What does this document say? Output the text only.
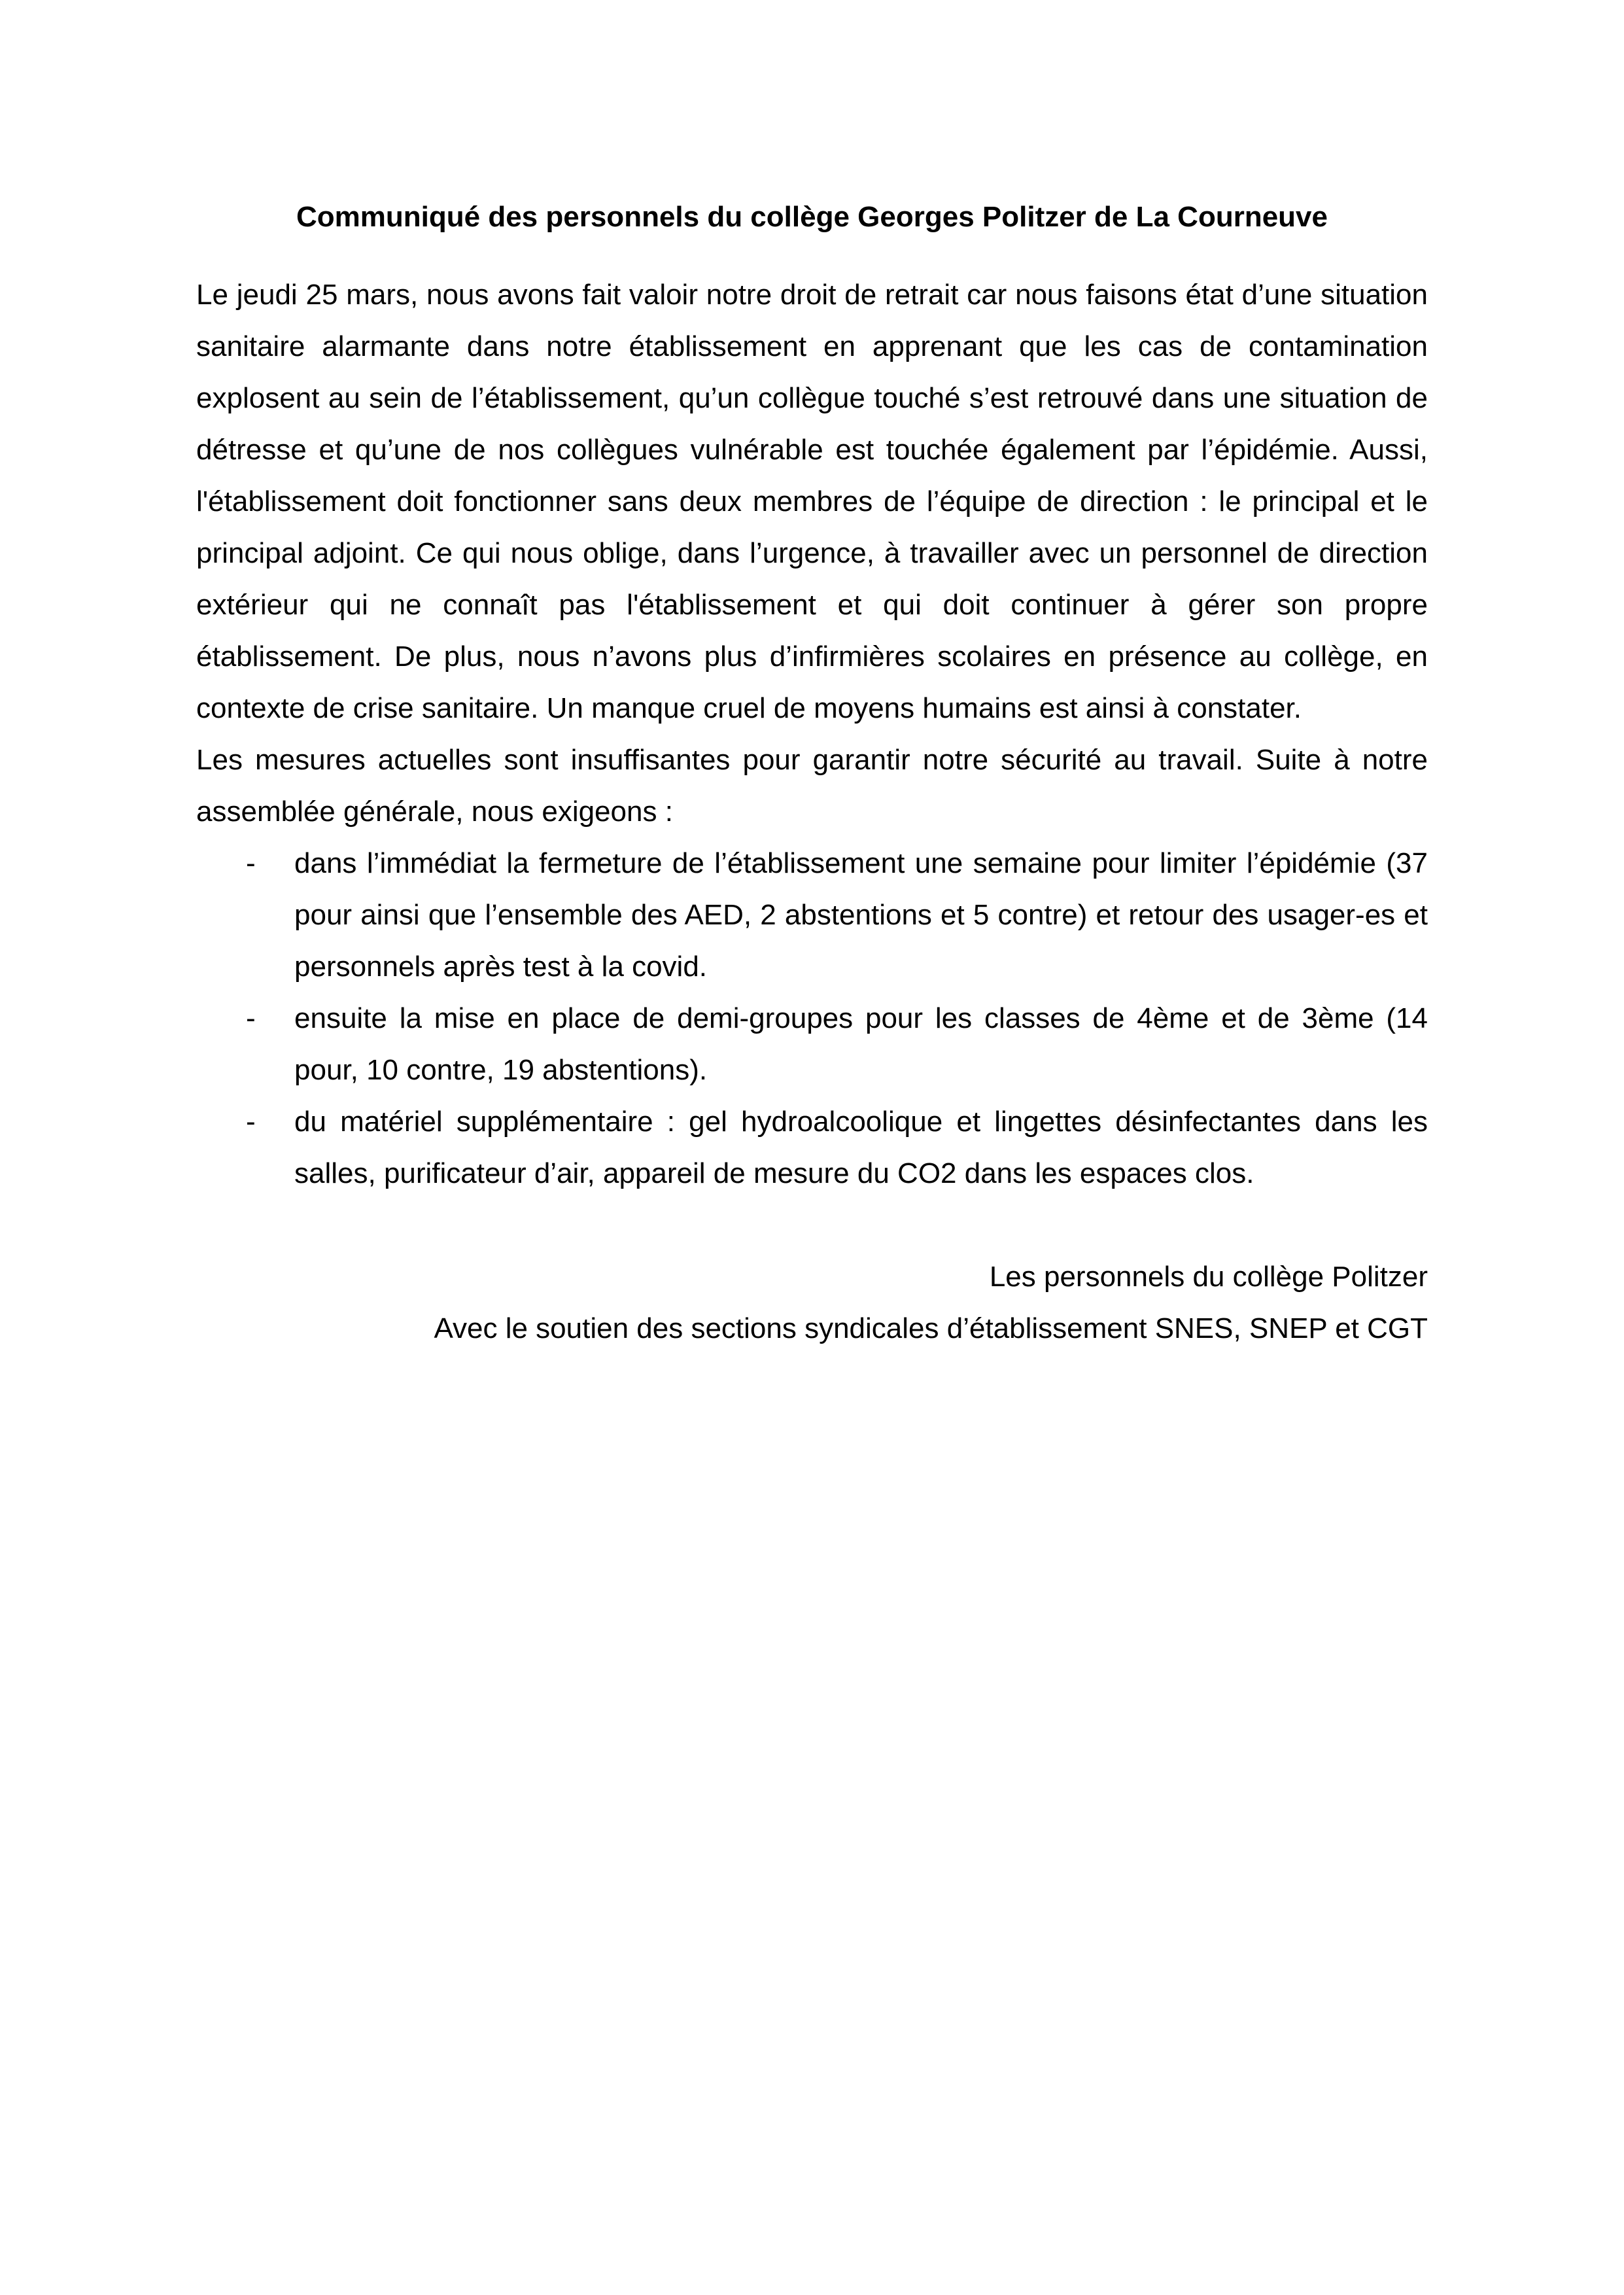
Communiqué des personnels du collège Georges Politzer de La Courneuve

Le jeudi 25 mars, nous avons fait valoir notre droit de retrait car nous faisons état d’une situation sanitaire alarmante dans notre établissement en apprenant que les cas de contamination explosent au sein de l’établissement, qu’un collègue touché s’est retrouvé dans une situation de détresse et qu’une de nos collègues vulnérable est touchée également par l’épidémie. Aussi, l'établissement doit fonctionner sans deux membres de l’équipe de direction : le principal et le principal adjoint. Ce qui nous oblige, dans l’urgence, à travailler avec un personnel de direction extérieur qui ne connaît pas l'établissement et qui doit continuer à gérer son propre établissement. De plus, nous n’avons plus d’infirmières scolaires en présence au collège, en contexte de crise sanitaire. Un manque cruel de moyens humains est ainsi à constater.

Les mesures actuelles sont insuffisantes pour garantir notre sécurité au travail. Suite à notre assemblée générale, nous exigeons :

- dans l’immédiat la fermeture de l’établissement une semaine pour limiter l’épidémie (37 pour ainsi que l’ensemble des AED, 2 abstentions et 5 contre) et retour des usager-es et personnels après test à la covid.
- ensuite la mise en place de demi-groupes pour les classes de 4ème et de 3ème (14 pour, 10 contre, 19 abstentions).
- du matériel supplémentaire : gel hydroalcoolique et lingettes désinfectantes dans les salles, purificateur d’air, appareil de mesure du CO2 dans les espaces clos.
Les personnels du collège Politzer
Avec le soutien des sections syndicales d’établissement SNES, SNEP et CGT
